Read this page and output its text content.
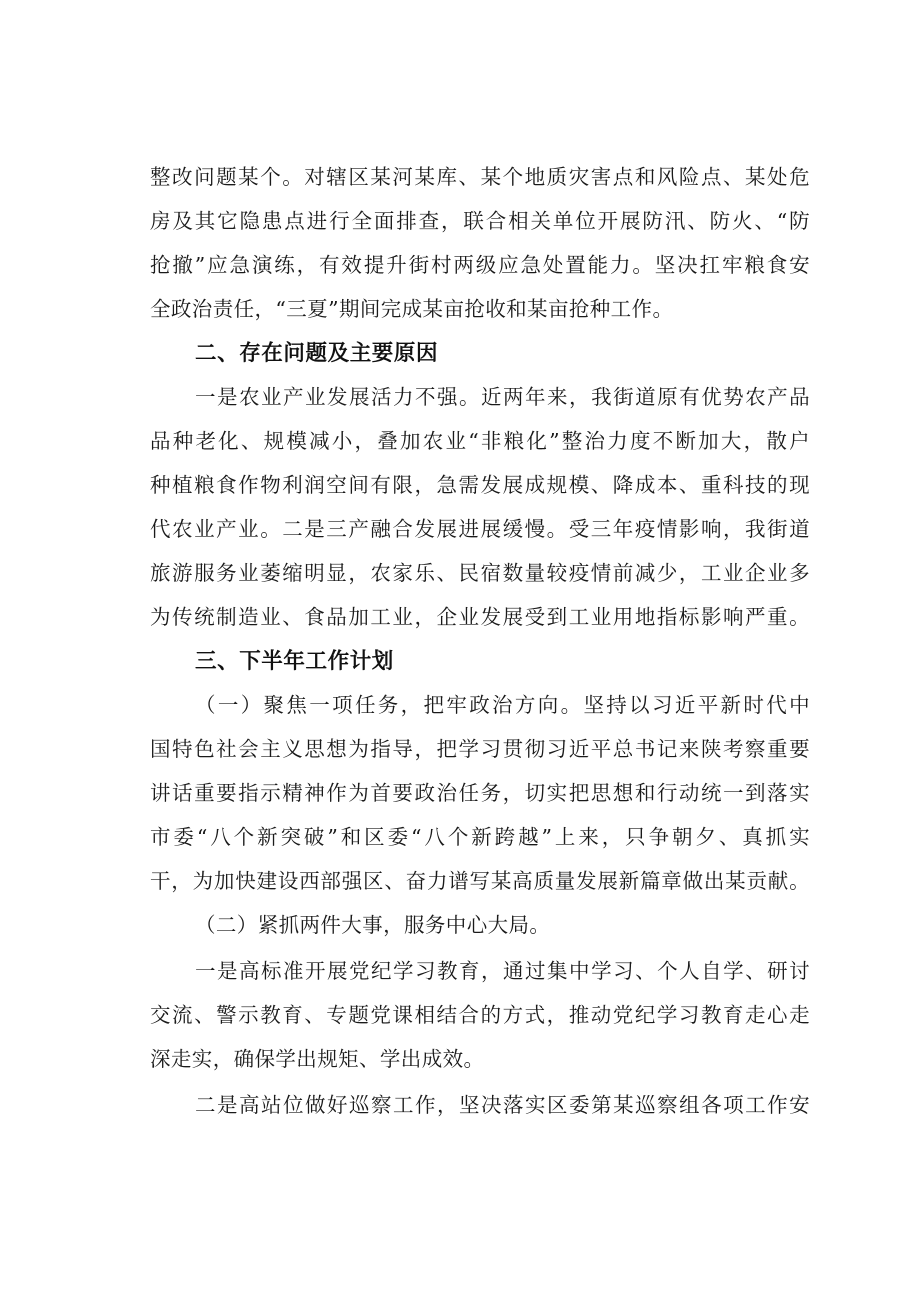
整改问题某个。对辖区某河某库、某个地质灾害点和风险点、某处危

房及其它隐患点进行全面排查，联合相关单位开展防汛、防火、“防

抢撤”应急演练，有效提升街村两级应急处置能力。坚决扛牢粮食安

全政治责任，“三夏”期间完成某亩抢收和某亩抢种工作。

二、存在问题及主要原因

一是农业产业发展活力不强。近两年来，我街道原有优势农产品

品种老化、规模减小，叠加农业“非粮化”整治力度不断加大，散户

种植粮食作物利润空间有限，急需发展成规模、降成本、重科技的现

代农业产业。二是三产融合发展进展缓慢。受三年疫情影响，我街道

旅游服务业萎缩明显，农家乐、民宿数量较疫情前减少，工业企业多

为传统制造业、食品加工业，企业发展受到工业用地指标影响严重。

三、下半年工作计划

（一）聚焦一项任务，把牢政治方向。坚持以习近平新时代中

国特色社会主义思想为指导，把学习贯彻习近平总书记来陕考察重要

讲话重要指示精神作为首要政治任务，切实把思想和行动统一到落实

市委“八个新突破”和区委“八个新跨越”上来，只争朝夕、真抓实

干，为加快建设西部强区、奋力谱写某高质量发展新篇章做出某贡献。

（二）紧抓两件大事，服务中心大局。

一是高标准开展党纪学习教育，通过集中学习、个人自学、研讨

交流、警示教育、专题党课相结合的方式，推动党纪学习教育走心走

深走实，确保学出规矩、学出成效。

二是高站位做好巡察工作，坚决落实区委第某巡察组各项工作安
